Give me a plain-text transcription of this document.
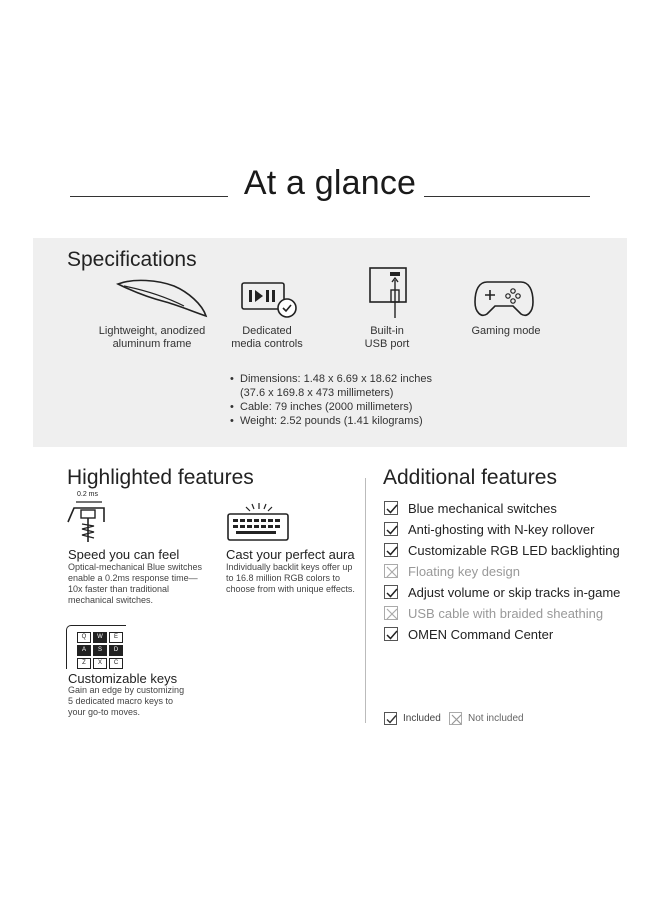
At a glance
Specifications
Lightweight, anodized
aluminum frame
Dedicated
media controls
Built-in
USB port
Gaming mode
• Dimensions: 1.48 x 6.69 x 18.62 inches
(37.6 x 169.8 x 473 millimeters)
• Cable: 79 inches (2000 millimeters)
• Weight: 2.52 pounds (1.41 kilograms)
Highlighted features
0.2 ms
Speed you can feel
Optical-mechanical Blue switches
enable a 0.2ms response time—
10x faster than traditional
mechanical switches.
Cast your perfect aura
Individually backlit keys offer up
to 16.8 million RGB colors to
choose from with unique effects.
Q	W	E
A	S	D
Z	X	C
Customizable keys
Gain an edge by customizing
5 dedicated macro keys to
your go-to moves.
Additional features
Blue mechanical switches
Anti-ghosting with N-key rollover
Customizable RGB LED backlighting
Floating key design
Adjust volume or skip tracks in-game
USB cable with braided sheathing
OMEN Command Center
Included	Not included
